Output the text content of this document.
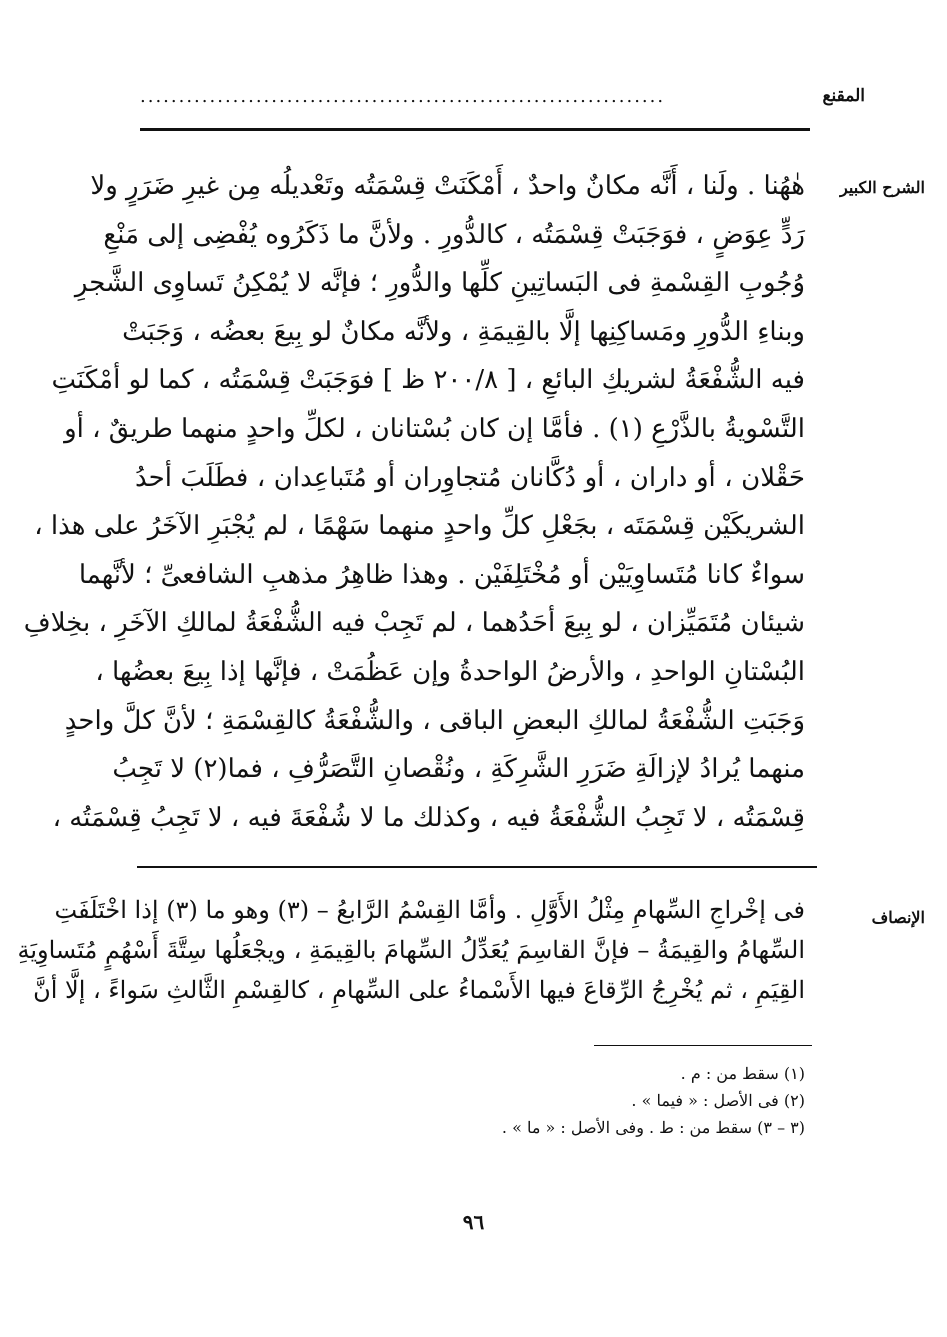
المقنع
....................................................................
الشرح الكبير
هٰهُنا . ولَنا ، أَنَّه مكانٌ واحدٌ ، أَمْكَنَتْ قِسْمَتُه وتَعْديلُه مِن غيرِ ضَرَرٍ ولا
رَدٍّ عِوَضٍ ، فوَجَبَتْ قِسْمَتُه ، كالدُّورِ . ولأنَّ ما ذَكَرُوه يُفْضِى إلى مَنْعِ
وُجُوبِ القِسْمةِ فى البَساتِينِ كلِّها والدُّورِ ؛ فإنَّه لا يُمْكِنُ تَساوِى الشَّجرِ
وبناءِ الدُّورِ ومَساكِنِها إلَّا بالقِيمَةِ ، ولأنَّه مكانٌ لو بِيعَ بعضُه ، وَجَبَتْ
فيه الشُّفْعَةُ لشريكِ البائعِ ، [ ٢٠٠/٨ ظ ] فوَجَبَتْ قِسْمَتُه ، كما لو أمْكَنَتِ
التَّسْويةُ بالذَّرْعِ (١) . فأمَّا إن كان بُسْتانان ، لكلِّ واحدٍ منهما طريقٌ ، أو
حَقْلان ، أو داران ، أو دُكَّانان مُتجاوِران أو مُتَباعِدان ، فطَلَبَ أحدُ
الشريكَيْن قِسْمَتَه ، بجَعْلِ كلِّ واحدٍ منهما سَهْمًا ، لم يُجْبَرِ الآخَرُ على هذا ،
سواءٌ كانا مُتَساوِيَيْن أو مُخْتَلِفَيْن . وهذا ظاهِرُ مذهبِ الشافعىِّ ؛ لأنَّهما
شيئان مُتَمَيِّزان ، لو بِيعَ أحَدُهما ، لم تَجِبْ فيه الشُّفْعَةُ لمالكِ الآخَرِ ، بخِلافِ
البُسْتانِ الواحدِ ، والأرضُ الواحدةُ وإن عَظُمَتْ ، فإنَّها إذا بِيعَ بعضُها ،
وَجَبَتِ الشُّفْعَةُ لمالكِ البعضِ الباقى ، والشُّفْعَةُ كالقِسْمَةِ ؛ لأنَّ كلَّ واحدٍ
منهما يُرادُ لإزالَةِ ضَرَرِ الشَّرِكَةِ ، ونُقْصانِ التَّصَرُّفِ ، فما(٢) لا تَجِبُ
قِسْمَتُه ، لا تَجِبُ الشُّفْعَةُ فيه ، وكذلك ما لا شُفْعَةَ فيه ، لا تَجِبُ قِسْمَتُه ،
الإنصاف
فى إخْراجِ السِّهامِ مِثْلُ الأَوَّلِ . وأمَّا القِسْمُ الرَّابعُ – (٣) وهو ما (٣) إذا اخْتَلَفَتِ
السِّهامُ والقِيمَةُ – فإنَّ القاسِمَ يُعَدِّلُ السِّهامَ بالقِيمَةِ ، ويجْعَلُها سِتَّةَ أَسْهُمٍ مُتَساوِيَةِ
القِيَمِ ، ثم يُخْرِجُ الرِّقاعَ فيها الأَسْماءُ على السِّهامِ ، كالقِسْمِ الثَّالثِ سَواءً ، إلَّا أنَّ
(١) سقط من : م .
(٢) فى الأصل : « فيما » .
(٣ – ٣) سقط من : ط . وفى الأصل : « ما » .
٩٦
